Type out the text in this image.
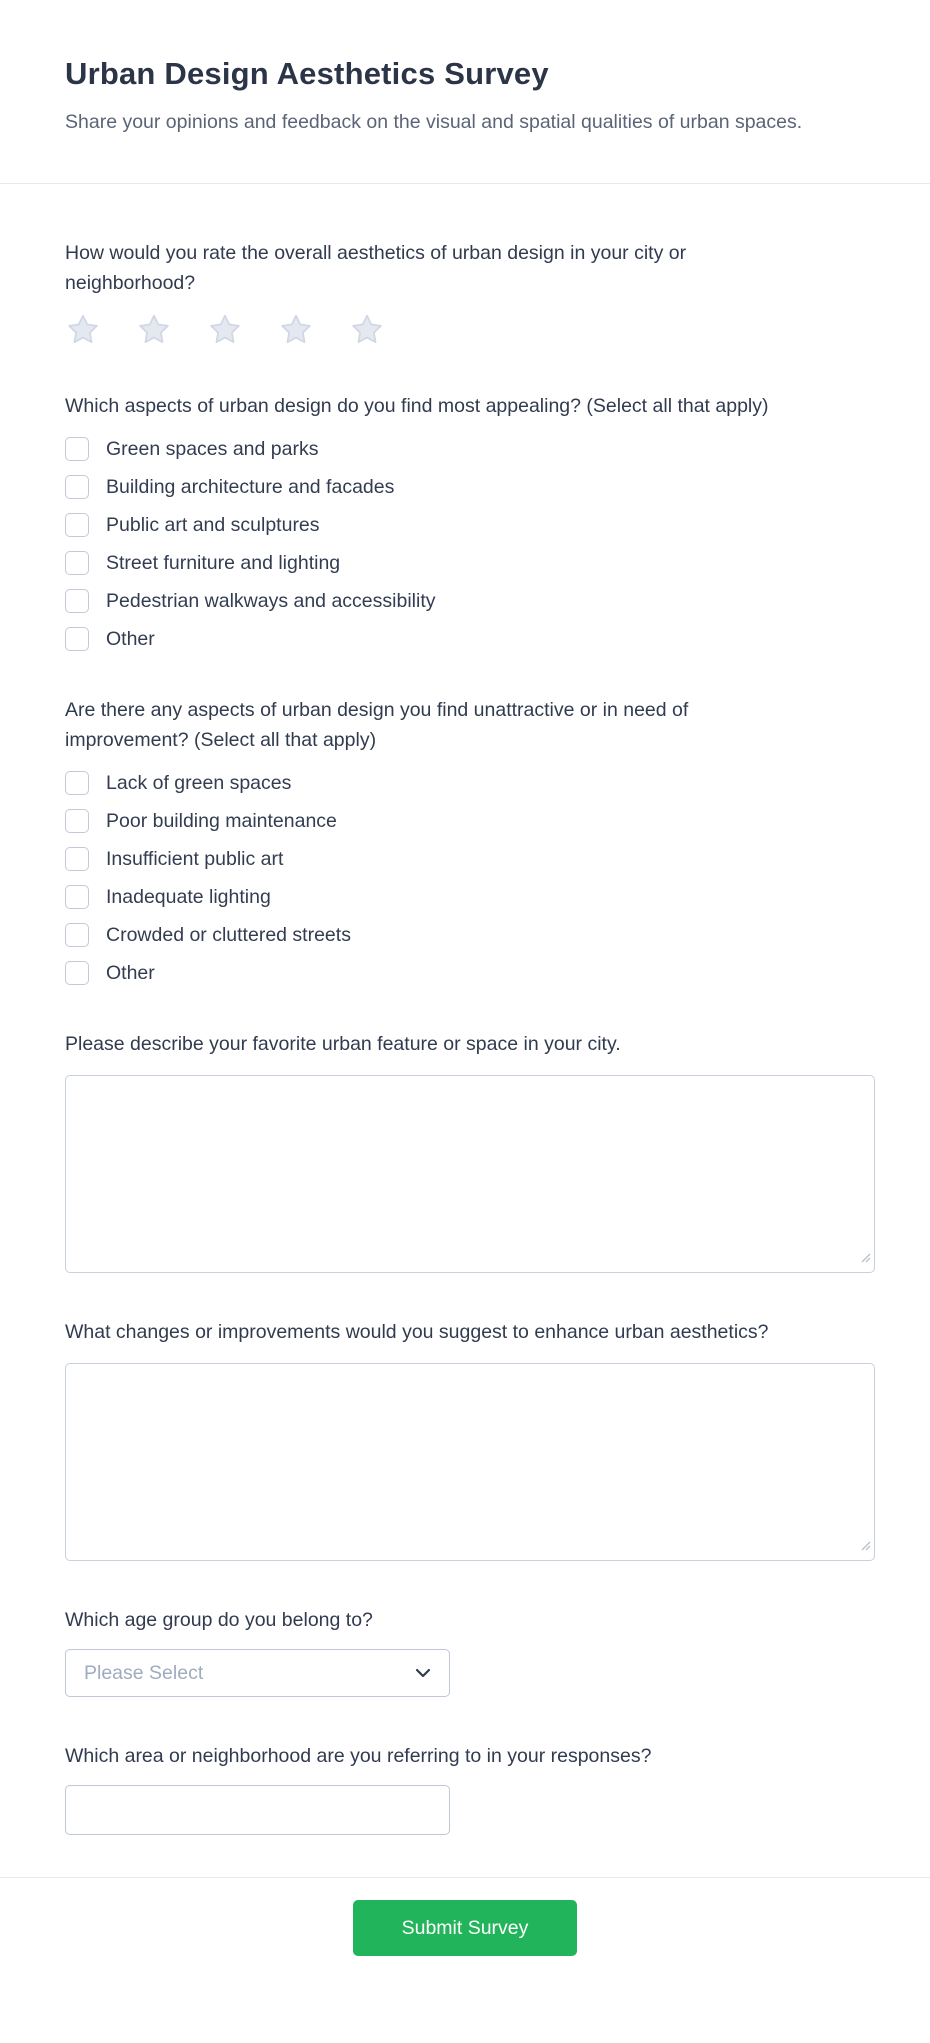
Urban Design Aesthetics Survey

Share your opinions and feedback on the visual and spatial qualities of urban spaces.

How would you rate the overall aesthetics of urban design in your city or neighborhood?
Which aspects of urban design do you find most appealing? (Select all that apply)
Green spaces and parks
Building architecture and facades
Public art and sculptures
Street furniture and lighting
Pedestrian walkways and accessibility
Other
Are there any aspects of urban design you find unattractive or in need of improvement? (Select all that apply)
Lack of green spaces
Poor building maintenance
Insufficient public art
Inadequate lighting
Crowded or cluttered streets
Other
Please describe your favorite urban feature or space in your city.
What changes or improvements would you suggest to enhance urban aesthetics?
Which age group do you belong to?
Please Select
Which area or neighborhood are you referring to in your responses?
Submit Survey
